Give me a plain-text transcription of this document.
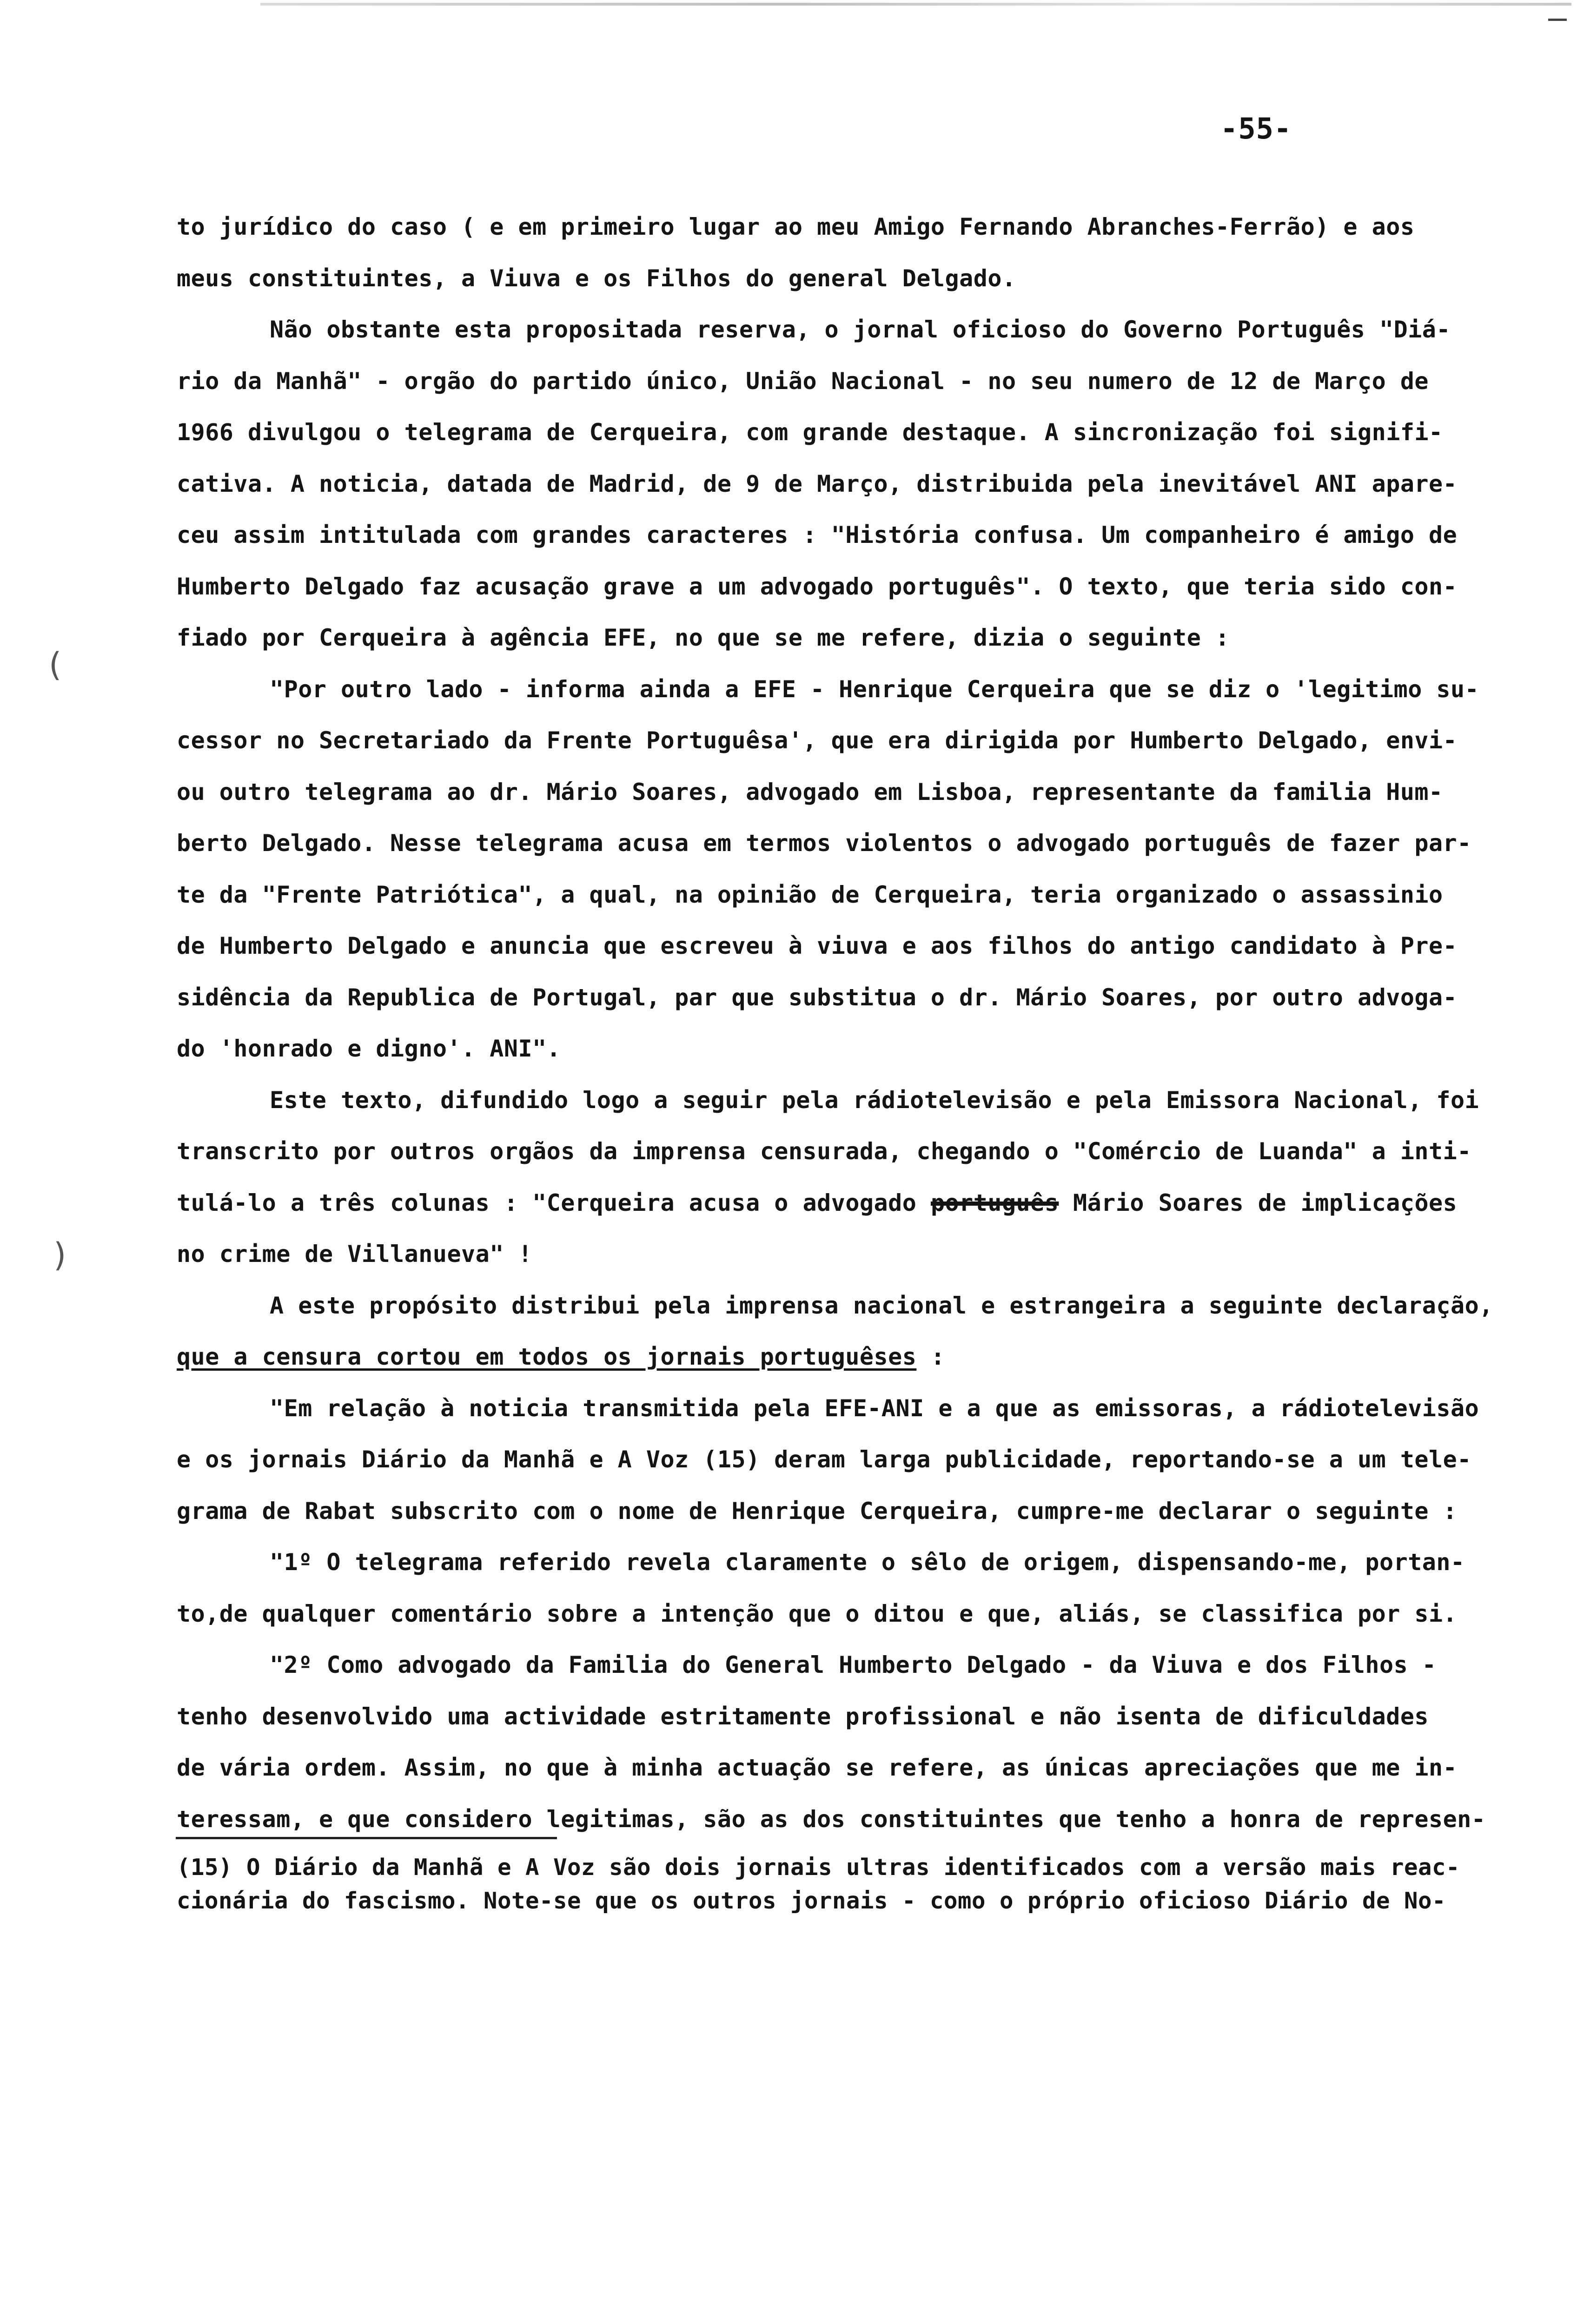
-55-
(
)
to jurídico do caso ( e em primeiro lugar ao meu Amigo Fernando Abranches-Ferrão) e aos
meus constituintes, a Viuva e os Filhos do general Delgado.
Não obstante esta propositada reserva, o jornal oficioso do Governo Português "Diá-
rio da Manhã" - orgão do partido único, União Nacional - no seu numero de 12 de Março de
1966 divulgou o telegrama de Cerqueira, com grande destaque. A sincronização foi signifi-
cativa. A noticia, datada de Madrid, de 9 de Março, distribuida pela inevitável ANI apare-
ceu assim intitulada com grandes caracteres : "História confusa. Um companheiro é amigo de
Humberto Delgado faz acusação grave a um advogado português". O texto, que teria sido con-
fiado por Cerqueira à agência EFE, no que se me refere, dizia o seguinte :
"Por outro lado - informa ainda a EFE - Henrique Cerqueira que se diz o 'legitimo su-
cessor no Secretariado da Frente Portuguêsa', que era dirigida por Humberto Delgado, envi-
ou outro telegrama ao dr. Mário Soares, advogado em Lisboa, representante da familia Hum-
berto Delgado. Nesse telegrama acusa em termos violentos o advogado português de fazer par-
te da "Frente Patriótica", a qual, na opinião de Cerqueira, teria organizado o assassinio
de Humberto Delgado e anuncia que escreveu à viuva e aos filhos do antigo candidato à Pre-
sidência da Republica de Portugal, par que substitua o dr. Mário Soares, por outro advoga-
do 'honrado e digno'. ANI".
Este texto, difundido logo a seguir pela rádiotelevisão e pela Emissora Nacional, foi
transcrito por outros orgãos da imprensa censurada, chegando o "Comércio de Luanda" a inti-
tulá-lo a três colunas : "Cerqueira acusa o advogado português Mário Soares de implicações
no crime de Villanueva" !
A este propósito distribui pela imprensa nacional e estrangeira a seguinte declaração,
que a censura cortou em todos os jornais portuguêses :
"Em relação à noticia transmitida pela EFE-ANI e a que as emissoras, a rádiotelevisão
e os jornais Diário da Manhã e A Voz (15) deram larga publicidade, reportando-se a um tele-
grama de Rabat subscrito com o nome de Henrique Cerqueira, cumpre-me declarar o seguinte :
"1º O telegrama referido revela claramente o sêlo de origem, dispensando-me, portan-
to,de qualquer comentário sobre a intenção que o ditou e que, aliás, se classifica por si.
"2º Como advogado da Familia do General Humberto Delgado - da Viuva e dos Filhos -
tenho desenvolvido uma actividade estritamente profissional e não isenta de dificuldades
de vária ordem. Assim, no que à minha actuação se refere, as únicas apreciações que me in-
teressam, e que considero legitimas, são as dos constituintes que tenho a honra de represen-
(15) O Diário da Manhã e A Voz são dois jornais ultras identificados com a versão mais reac-
cionária do fascismo. Note-se que os outros jornais - como o próprio oficioso Diário de No-
